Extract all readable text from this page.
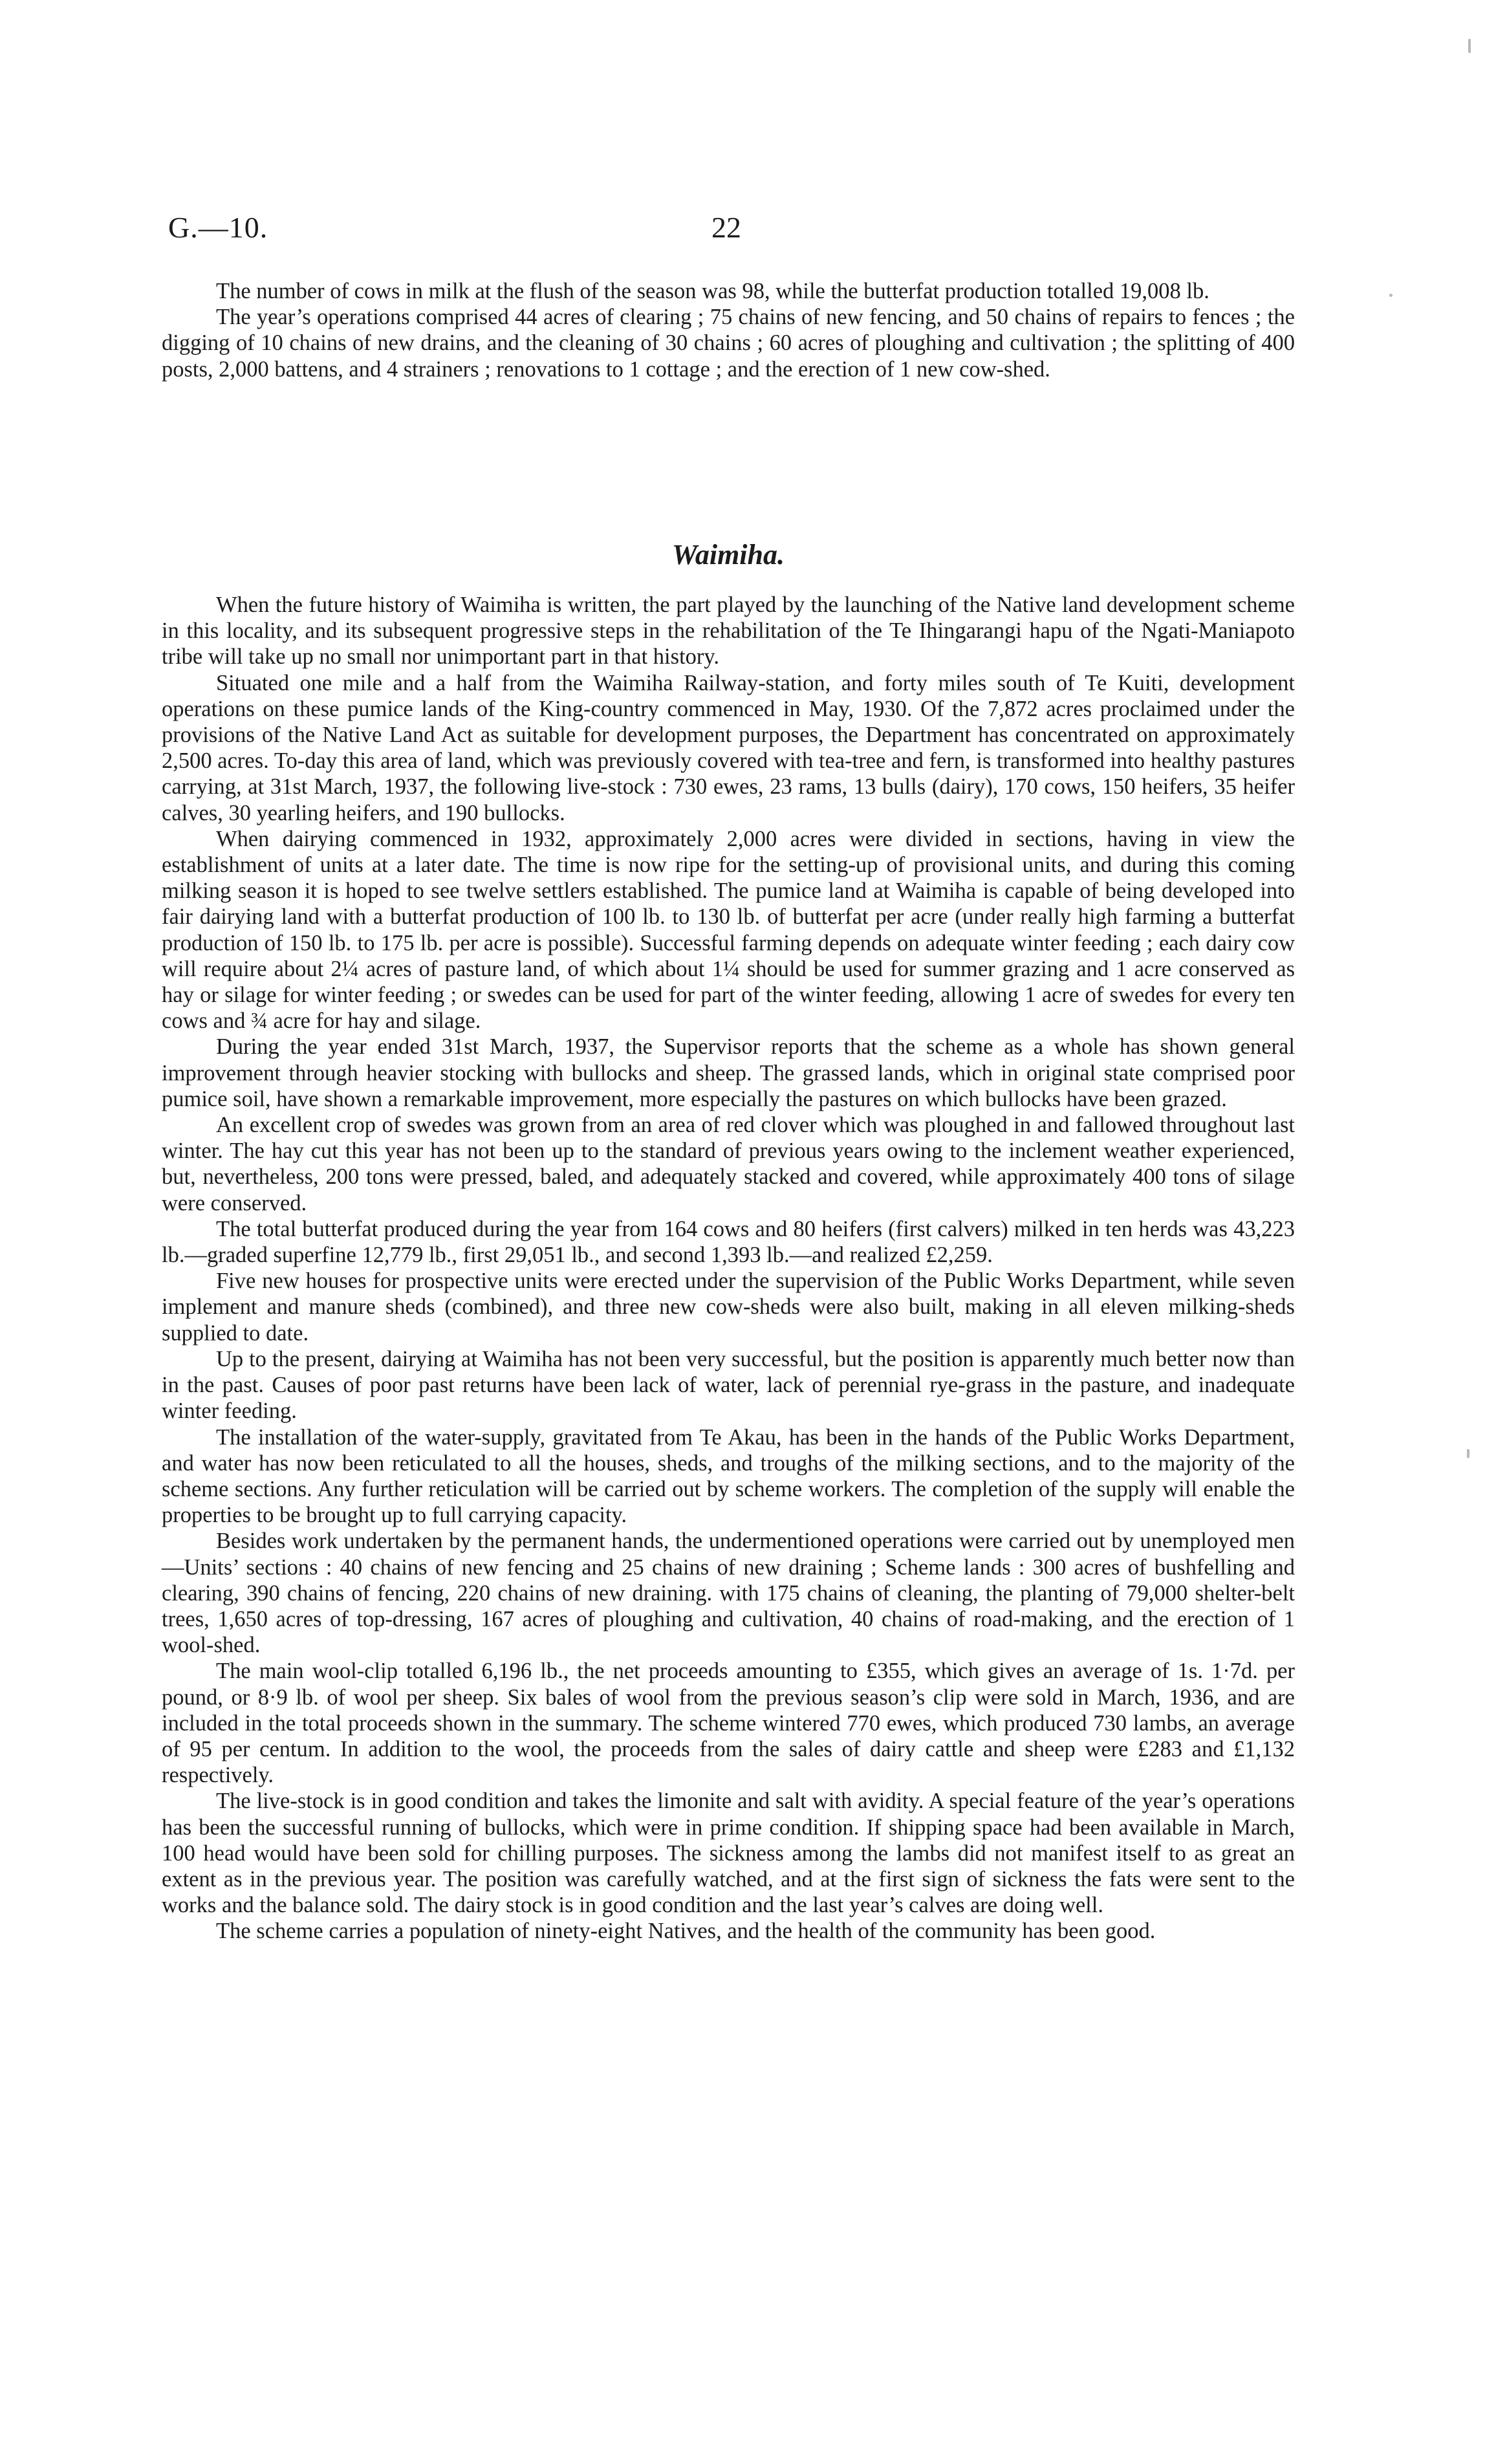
G.—10.	22

The number of cows in milk at the flush of the season was 98, while the butterfat production totalled 19,008 lb.

The year’s operations comprised 44 acres of clearing ; 75 chains of new fencing, and 50 chains of repairs to fences ; the digging of 10 chains of new drains, and the cleaning of 30 chains ; 60 acres of ploughing and cultivation ; the splitting of 400 posts, 2,000 battens, and 4 strainers ; renovations to 1 cottage ; and the erection of 1 new cow-shed.

Waimiha.

When the future history of Waimiha is written, the part played by the launching of the Native land development scheme in this locality, and its subsequent progressive steps in the rehabilitation of the Te Ihingarangi hapu of the Ngati-Maniapoto tribe will take up no small nor unimportant part in that history.

Situated one mile and a half from the Waimiha Railway-station, and forty miles south of Te Kuiti, development operations on these pumice lands of the King-country commenced in May, 1930. Of the 7,872 acres proclaimed under the provisions of the Native Land Act as suitable for development purposes, the Department has concentrated on approximately 2,500 acres. To-day this area of land, which was previously covered with tea-tree and fern, is transformed into healthy pastures carrying, at 31st March, 1937, the following live-stock : 730 ewes, 23 rams, 13 bulls (dairy), 170 cows, 150 heifers, 35 heifer calves, 30 yearling heifers, and 190 bullocks.

When dairying commenced in 1932, approximately 2,000 acres were divided in sections, having in view the establishment of units at a later date. The time is now ripe for the setting-up of provisional units, and during this coming milking season it is hoped to see twelve settlers established. The pumice land at Waimiha is capable of being developed into fair dairying land with a butterfat production of 100 lb. to 130 lb. of butterfat per acre (under really high farming a butterfat production of 150 lb. to 175 lb. per acre is possible). Successful farming depends on adequate winter feeding ; each dairy cow will require about 2¼ acres of pasture land, of which about 1¼ should be used for summer grazing and 1 acre conserved as hay or silage for winter feeding ; or swedes can be used for part of the winter feeding, allowing 1 acre of swedes for every ten cows and ¾ acre for hay and silage.

During the year ended 31st March, 1937, the Supervisor reports that the scheme as a whole has shown general improvement through heavier stocking with bullocks and sheep. The grassed lands, which in original state comprised poor pumice soil, have shown a remarkable improvement, more especially the pastures on which bullocks have been grazed.

An excellent crop of swedes was grown from an area of red clover which was ploughed in and fallowed throughout last winter. The hay cut this year has not been up to the standard of previous years owing to the inclement weather experienced, but, nevertheless, 200 tons were pressed, baled, and adequately stacked and covered, while approximately 400 tons of silage were conserved.

The total butterfat produced during the year from 164 cows and 80 heifers (first calvers) milked in ten herds was 43,223 lb.—graded superfine 12,779 lb., first 29,051 lb., and second 1,393 lb.—and realized £2,259.

Five new houses for prospective units were erected under the supervision of the Public Works Department, while seven implement and manure sheds (combined), and three new cow-sheds were also built, making in all eleven milking-sheds supplied to date.

Up to the present, dairying at Waimiha has not been very successful, but the position is apparently much better now than in the past. Causes of poor past returns have been lack of water, lack of perennial rye-grass in the pasture, and inadequate winter feeding.

The installation of the water-supply, gravitated from Te Akau, has been in the hands of the Public Works Department, and water has now been reticulated to all the houses, sheds, and troughs of the milking sections, and to the majority of the scheme sections. Any further reticulation will be carried out by scheme workers. The completion of the supply will enable the properties to be brought up to full carrying capacity.

Besides work undertaken by the permanent hands, the undermentioned operations were carried out by unemployed men—Units’ sections : 40 chains of new fencing and 25 chains of new draining ; Scheme lands : 300 acres of bushfelling and clearing, 390 chains of fencing, 220 chains of new draining. with 175 chains of cleaning, the planting of 79,000 shelter-belt trees, 1,650 acres of top-dressing, 167 acres of ploughing and cultivation, 40 chains of road-making, and the erection of 1 wool-shed.

The main wool-clip totalled 6,196 lb., the net proceeds amounting to £355, which gives an average of 1s. 1·7d. per pound, or 8·9 lb. of wool per sheep. Six bales of wool from the previous season’s clip were sold in March, 1936, and are included in the total proceeds shown in the summary. The scheme wintered 770 ewes, which produced 730 lambs, an average of 95 per centum. In addition to the wool, the proceeds from the sales of dairy cattle and sheep were £283 and £1,132 respectively.

The live-stock is in good condition and takes the limonite and salt with avidity. A special feature of the year’s operations has been the successful running of bullocks, which were in prime condition. If shipping space had been available in March, 100 head would have been sold for chilling purposes. The sickness among the lambs did not manifest itself to as great an extent as in the previous year. The position was carefully watched, and at the first sign of sickness the fats were sent to the works and the balance sold. The dairy stock is in good condition and the last year’s calves are doing well.

The scheme carries a population of ninety-eight Natives, and the health of the community has been good.
